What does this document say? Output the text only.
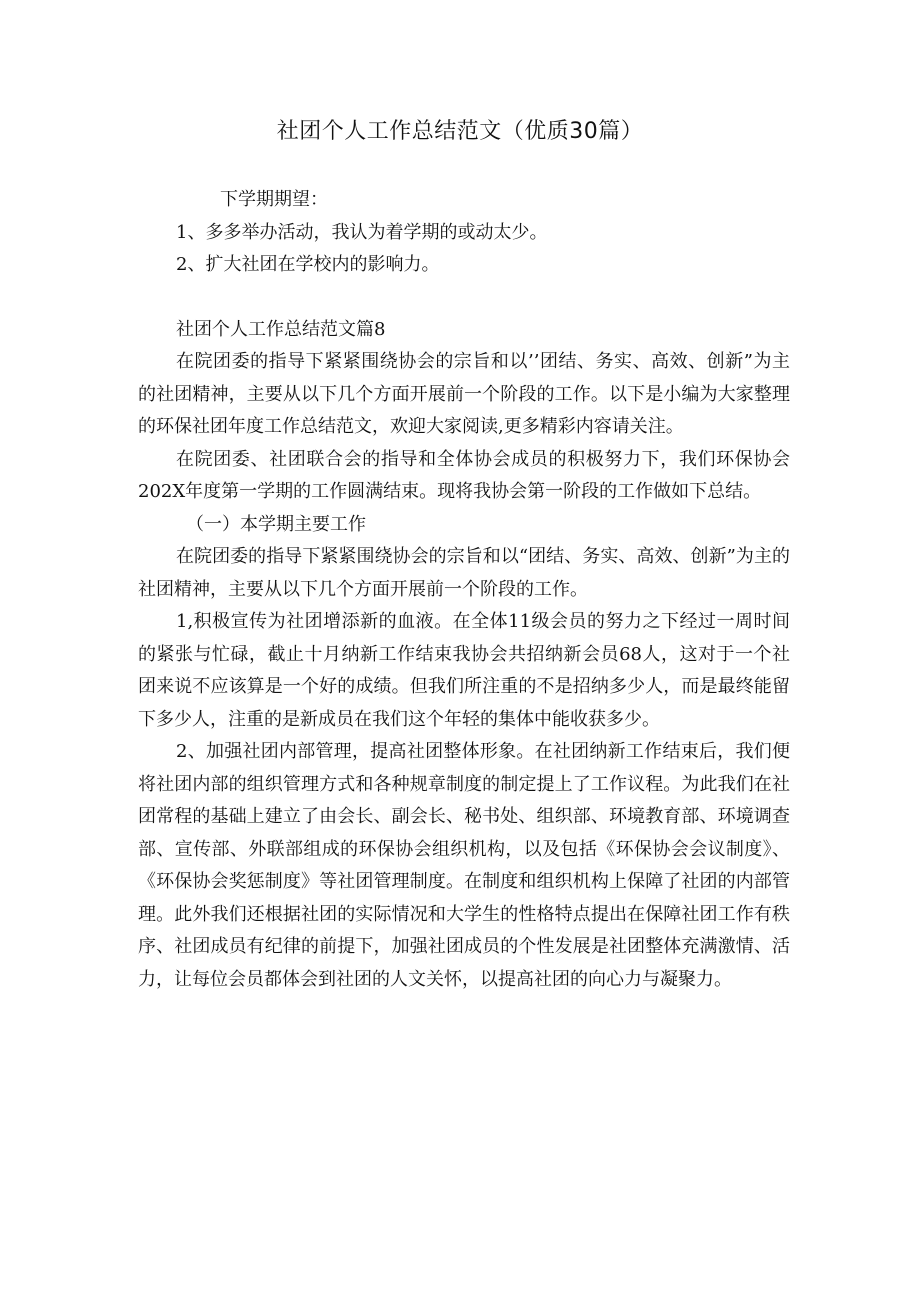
社团个人工作总结范文（优质30篇）

下学期期望：

1、多多举办活动，我认为着学期的或动太少。

2、扩大社团在学校内的影响力。

社团个人工作总结范文篇8

在院团委的指导下紧紧围绕协会的宗旨和以’’团结、务实、高效、创新”为主的社团精神，主要从以下几个方面开展前一个阶段的工作。以下是小编为大家整理的环保社团年度工作总结范文，欢迎大家阅读,更多精彩内容请关注。

在院团委、社团联合会的指导和全体协会成员的积极努力下，我们环保协会202X年度第一学期的工作圆满结束。现将我协会第一阶段的工作做如下总结。

（一）本学期主要工作

在院团委的指导下紧紧围绕协会的宗旨和以“团结、务实、高效、创新”为主的社团精神，主要从以下几个方面开展前一个阶段的工作。

1,积极宣传为社团增添新的血液。在全体11级会员的努力之下经过一周时间的紧张与忙碌，截止十月纳新工作结束我协会共招纳新会员68人，这对于一个社团来说不应该算是一个好的成绩。但我们所注重的不是招纳多少人，而是最终能留下多少人，注重的是新成员在我们这个年轻的集体中能收获多少。

2、加强社团内部管理，提高社团整体形象。在社团纳新工作结束后，我们便将社团内部的组织管理方式和各种规章制度的制定提上了工作议程。为此我们在社团常程的基础上建立了由会长、副会长、秘书处、组织部、环境教育部、环境调查部、宣传部、外联部组成的环保协会组织机构，以及包括《环保协会会议制度》、《环保协会奖惩制度》等社团管理制度。在制度和组织机构上保障了社团的内部管理。此外我们还根据社团的实际情况和大学生的性格特点提出在保障社团工作有秩序、社团成员有纪律的前提下，加强社团成员的个性发展是社团整体充满激情、活力，让每位会员都体会到社团的人文关怀，以提高社团的向心力与凝聚力。
